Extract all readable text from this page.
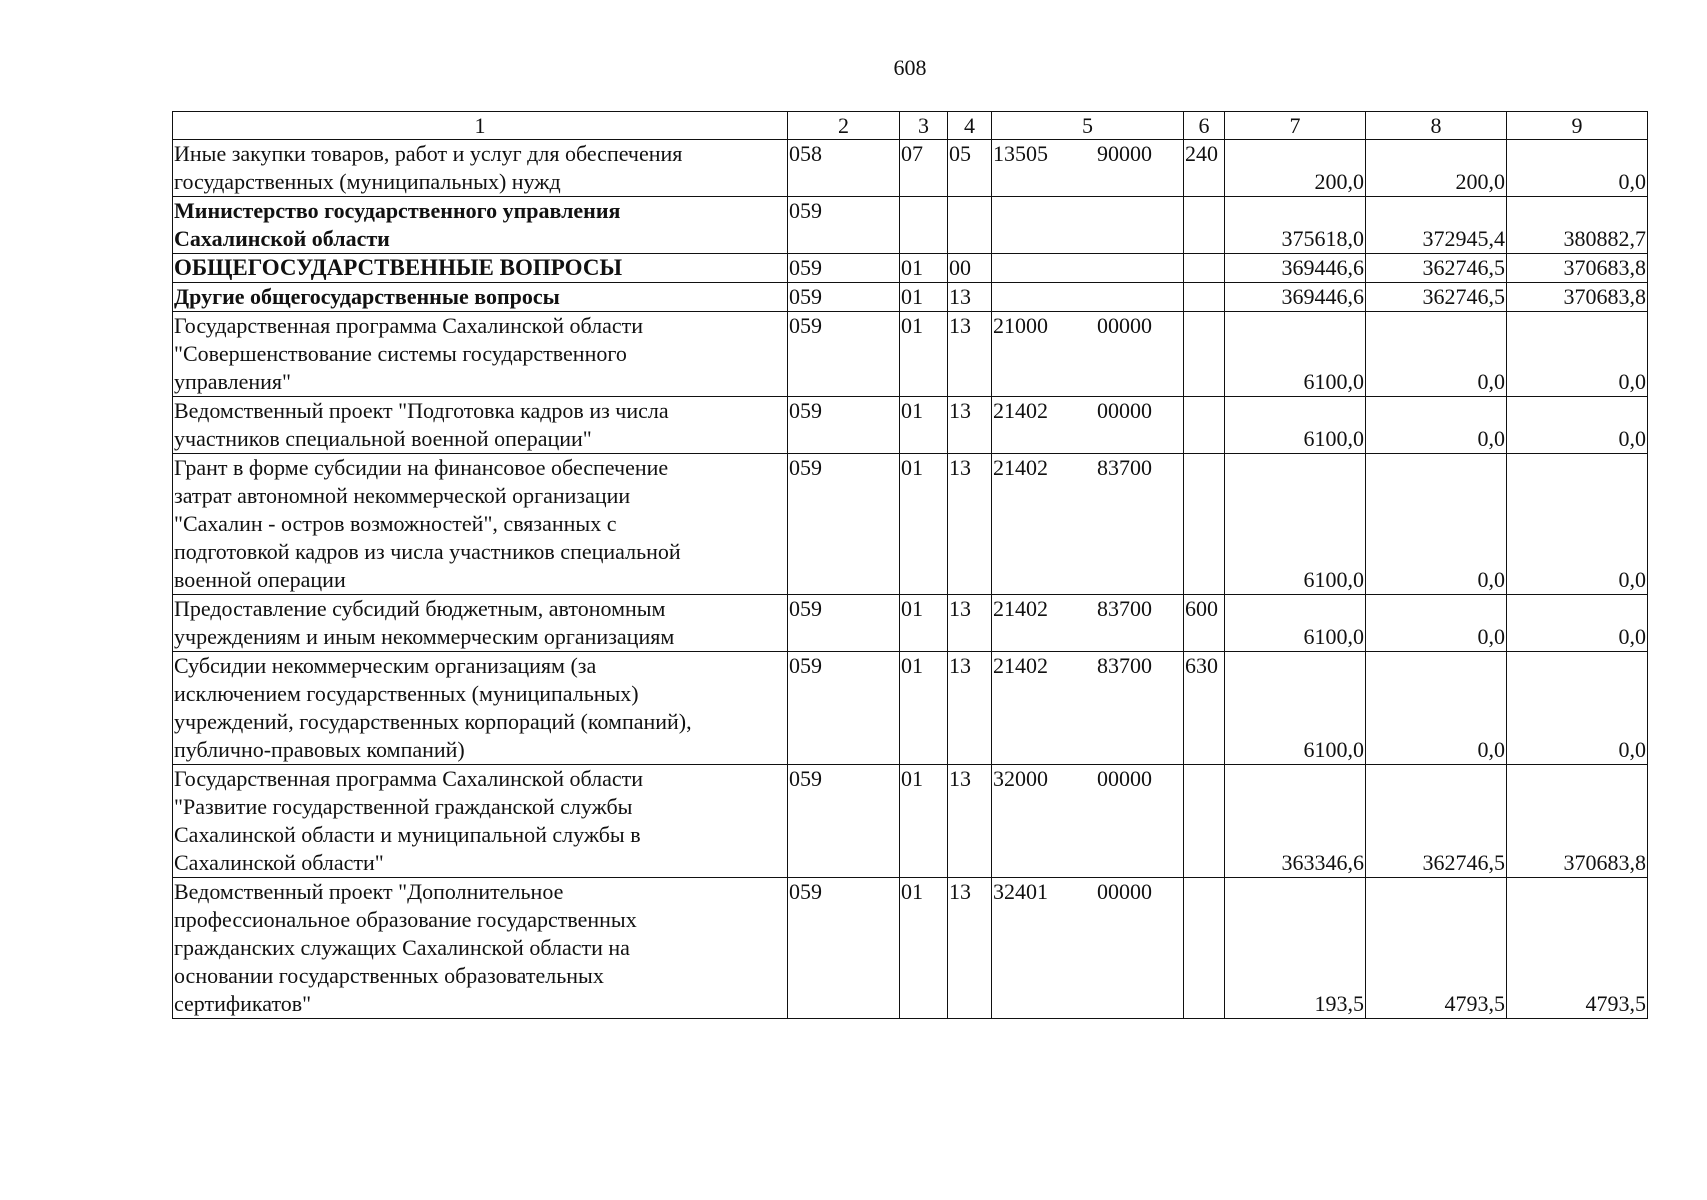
608
1	2	3	4	5	6	7	8	9
Иные закупки товаров, работ и услуг для обеспечения
государственных (муниципальных) нужд	058	07	05	13505 90000	240	200,0	200,0	0,0
Министерство государственного управления
Сахалинской области	059					375618,0	372945,4	380882,7
ОБЩЕГОСУДАРСТВЕННЫЕ ВОПРОСЫ	059	01	00			369446,6	362746,5	370683,8
Другие общегосударственные вопросы	059	01	13			369446,6	362746,5	370683,8
Государственная программа Сахалинской области
"Совершенствование системы государственного
управления"	059	01	13	21000 00000		6100,0	0,0	0,0
Ведомственный проект "Подготовка кадров из числа
участников специальной военной операции"	059	01	13	21402 00000		6100,0	0,0	0,0
Грант в форме субсидии на финансовое обеспечение
затрат автономной некоммерческой организации
"Сахалин - остров возможностей", связанных с
подготовкой кадров из числа участников специальной
военной операции	059	01	13	21402 83700		6100,0	0,0	0,0
Предоставление субсидий бюджетным, автономным
учреждениям и иным некоммерческим организациям	059	01	13	21402 83700	600	6100,0	0,0	0,0
Субсидии некоммерческим организациям (за
исключением государственных (муниципальных)
учреждений, государственных корпораций (компаний),
публично-правовых компаний)	059	01	13	21402 83700	630	6100,0	0,0	0,0
Государственная программа Сахалинской области
"Развитие государственной гражданской службы
Сахалинской области и муниципальной службы в
Сахалинской области"	059	01	13	32000 00000		363346,6	362746,5	370683,8
Ведомственный проект "Дополнительное
профессиональное образование государственных
гражданских служащих Сахалинской области на
основании государственных образовательных
сертификатов"	059	01	13	32401 00000		193,5	4793,5	4793,5
